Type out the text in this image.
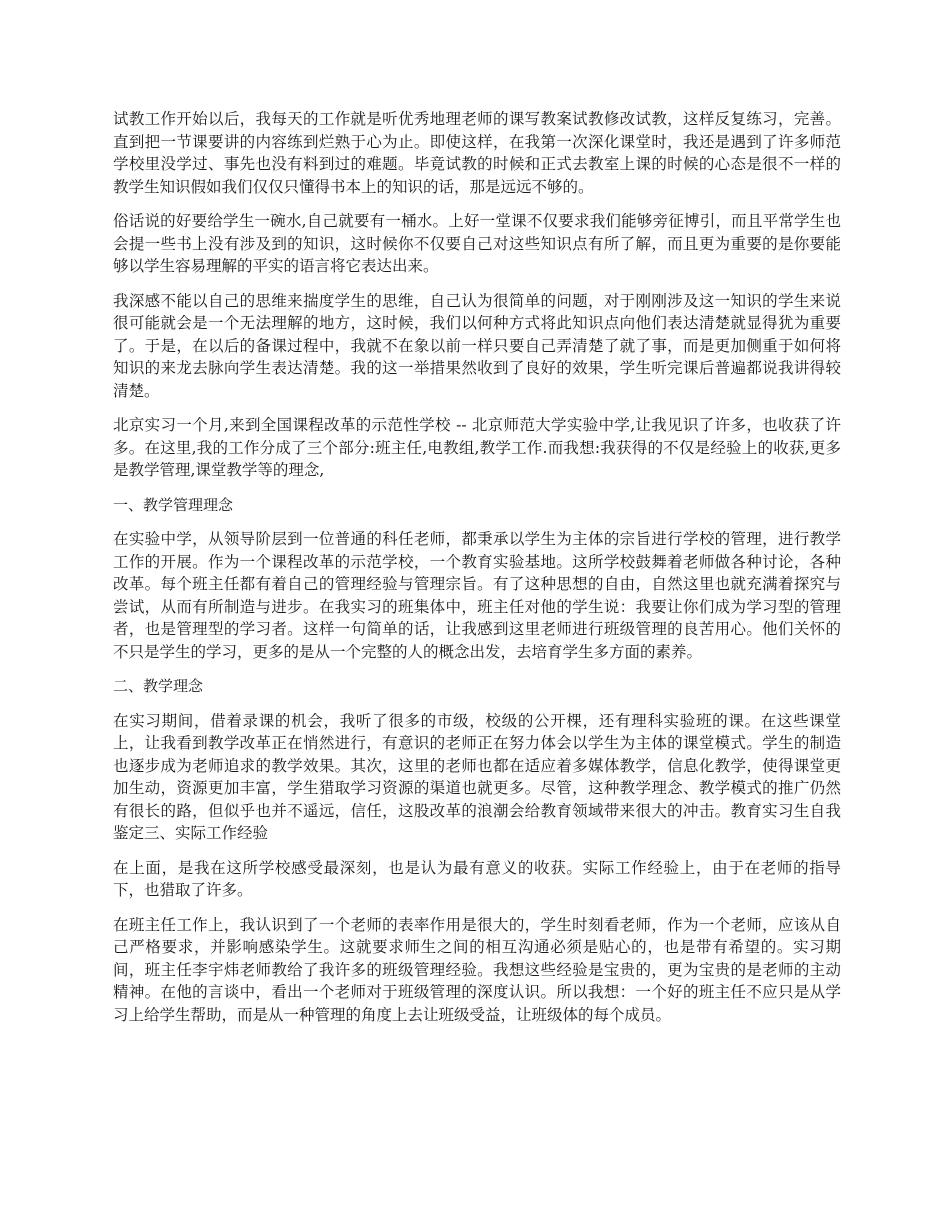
试教工作开始以后，我每天的工作就是听优秀地理老师的课写教案试教修改试教，这样反复练习，完善。直到把一节课要讲的内容练到烂熟于心为止。即使这样，在我第一次深化课堂时，我还是遇到了许多师范学校里没学过、事先也没有料到过的难题。毕竟试教的时候和正式去教室上课的时候的心态是很不一样的教学生知识假如我们仅仅只懂得书本上的知识的话，那是远远不够的。

俗话说的好要给学生一碗水,自己就要有一桶水。上好一堂课不仅要求我们能够旁征博引，而且平常学生也会提一些书上没有涉及到的知识，这时候你不仅要自己对这些知识点有所了解，而且更为重要的是你要能够以学生容易理解的平实的语言将它表达出来。

我深感不能以自己的思维来揣度学生的思维，自己认为很简单的问题，对于刚刚涉及这一知识的学生来说很可能就会是一个无法理解的地方，这时候，我们以何种方式将此知识点向他们表达清楚就显得犹为重要了。于是，在以后的备课过程中，我就不在象以前一样只要自己弄清楚了就了事，而是更加侧重于如何将知识的来龙去脉向学生表达清楚。我的这一举措果然收到了良好的效果，学生听完课后普遍都说我讲得较清楚。

北京实习一个月,来到全国课程改革的示范性学校 -- 北京师范大学实验中学,让我见识了许多，也收获了许多。在这里,我的工作分成了三个部分:班主任,电教组,教学工作.而我想:我获得的不仅是经验上的收获,更多是教学管理,课堂教学等的理念,

一、教学管理理念

在实验中学，从领导阶层到一位普通的科任老师，都秉承以学生为主体的宗旨进行学校的管理，进行教学工作的开展。作为一个课程改革的示范学校，一个教育实验基地。这所学校鼓舞着老师做各种讨论，各种改革。每个班主任都有着自己的管理经验与管理宗旨。有了这种思想的自由，自然这里也就充满着探究与尝试，从而有所制造与进步。在我实习的班集体中，班主任对他的学生说：我要让你们成为学习型的管理者，也是管理型的学习者。这样一句简单的话，让我感到这里老师进行班级管理的良苦用心。他们关怀的不只是学生的学习，更多的是从一个完整的人的概念出发，去培育学生多方面的素养。

二、教学理念

在实习期间，借着录课的机会，我听了很多的市级，校级的公开棵，还有理科实验班的课。在这些课堂上，让我看到教学改革正在悄然进行，有意识的老师正在努力体会以学生为主体的课堂模式。学生的制造也逐步成为老师追求的教学效果。其次，这里的老师也都在适应着多媒体教学，信息化教学，使得课堂更加生动，资源更加丰富，学生猎取学习资源的渠道也就更多。尽管，这种教学理念、教学模式的推广仍然有很长的路，但似乎也并不遥远，信任，这股改革的浪潮会给教育领域带来很大的冲击。教育实习生自我鉴定三、实际工作经验

在上面，是我在这所学校感受最深刻，也是认为最有意义的收获。实际工作经验上，由于在老师的指导下，也猎取了许多。

在班主任工作上，我认识到了一个老师的表率作用是很大的，学生时刻看老师，作为一个老师，应该从自己严格要求，并影响感染学生。这就要求师生之间的相互沟通必须是贴心的，也是带有希望的。实习期间，班主任李宇炜老师教给了我许多的班级管理经验。我想这些经验是宝贵的，更为宝贵的是老师的主动精神。在他的言谈中，看出一个老师对于班级管理的深度认识。所以我想：一个好的班主任不应只是从学习上给学生帮助，而是从一种管理的角度上去让班级受益，让班级体的每个成员。
